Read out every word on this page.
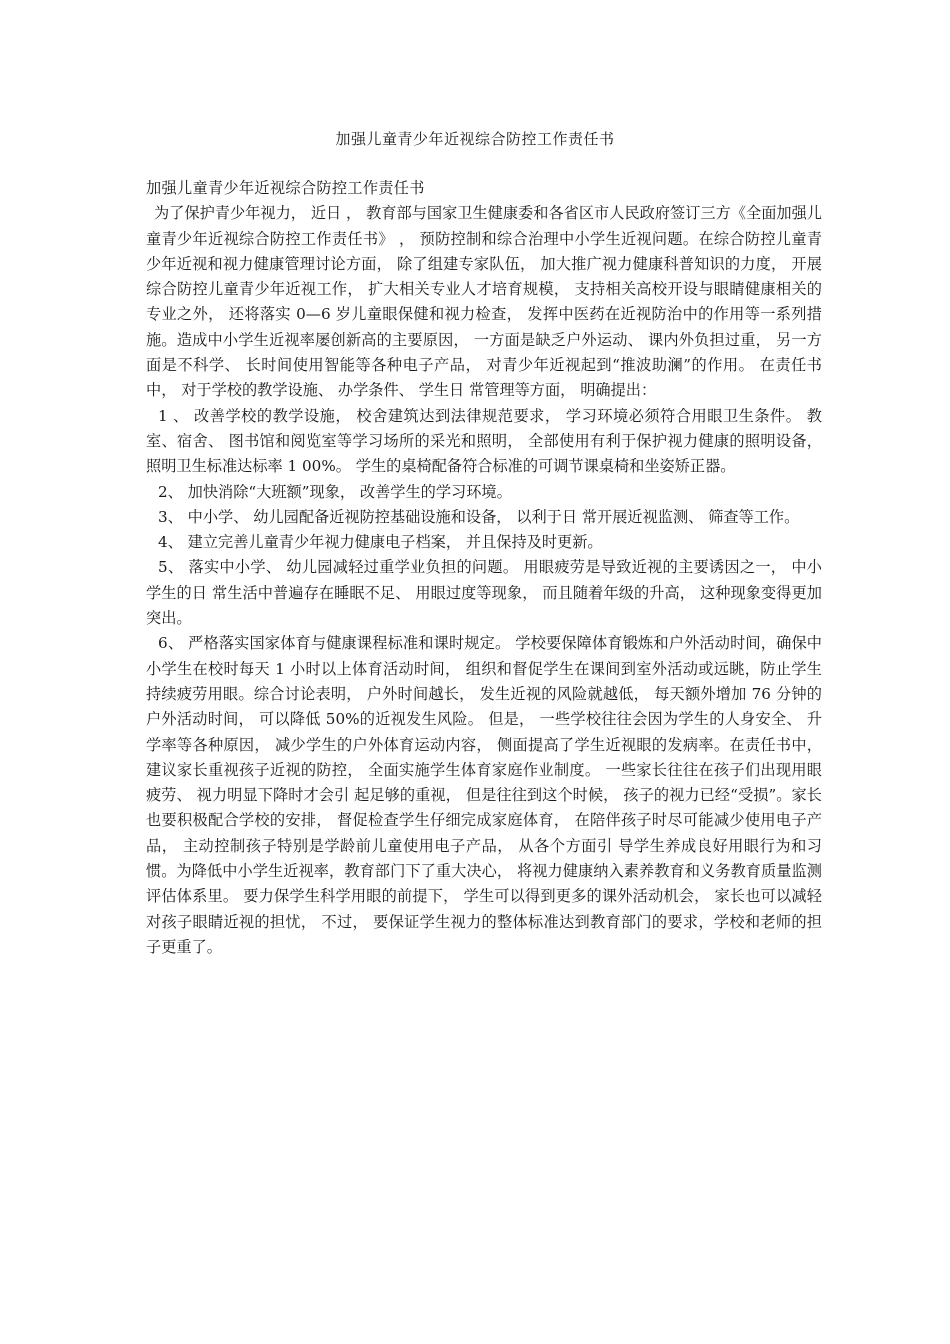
加强儿童青少年近视综合防控工作责任书

加强儿童青少年近视综合防控工作责任书

为了保护青少年视力， 近日 ， 教育部与国家卫生健康委和各省区市人民政府签订三方《全面加强儿童青少年近视综合防控工作责任书》 ， 预防控制和综合治理中小学生近视问题。在综合防控儿童青少年近视和视力健康管理讨论方面， 除了组建专家队伍， 加大推广视力健康科普知识的力度， 开展综合防控儿童青少年近视工作， 扩大相关专业人才培育规模， 支持相关高校开设与眼睛健康相关的专业之外， 还将落实 0—6 岁儿童眼保健和视力检查， 发挥中医药在近视防治中的作用等一系列措施。造成中小学生近视率屡创新高的主要原因， 一方面是缺乏户外运动、 课内外负担过重， 另一方面是不科学、 长时间使用智能等各种电子产品， 对青少年近视起到“推波助澜”的作用。 在责任书中， 对于学校的教学设施、 办学条件、 学生日 常管理等方面， 明确提出：

1 、 改善学校的教学设施， 校舍建筑达到法律规范要求， 学习环境必须符合用眼卫生条件。 教室、宿舍、 图书馆和阅览室等学习场所的采光和照明， 全部使用有利于保护视力健康的照明设备，照明卫生标准达标率 1 00%。 学生的桌椅配备符合标准的可调节课桌椅和坐姿矫正器。

2、 加快消除“大班额”现象， 改善学生的学习环境。

3、 中小学、 幼儿园配备近视防控基础设施和设备， 以利于日 常开展近视监测、 筛查等工作。

4、 建立完善儿童青少年视力健康电子档案， 并且保持及时更新。

5、 落实中小学、 幼儿园减轻过重学业负担的问题。 用眼疲劳是导致近视的主要诱因之一， 中小学生的日 常生活中普遍存在睡眠不足、 用眼过度等现象， 而且随着年级的升高， 这种现象变得更加突出。

6、 严格落实国家体育与健康课程标准和课时规定。 学校要保障体育锻炼和户外活动时间，确保中小学生在校时每天 1 小时以上体育活动时间， 组织和督促学生在课间到室外活动或远眺，防止学生持续疲劳用眼。综合讨论表明， 户外时间越长， 发生近视的风险就越低， 每天额外增加 76 分钟的户外活动时间， 可以降低 50%的近视发生风险。 但是， 一些学校往往会因为学生的人身安全、 升学率等各种原因， 减少学生的户外体育运动内容， 侧面提高了学生近视眼的发病率。在责任书中， 建议家长重视孩子近视的防控， 全面实施学生体育家庭作业制度。 一些家长往往在孩子们出现用眼疲劳、 视力明显下降时才会引 起足够的重视， 但是往往到这个时候， 孩子的视力已经“受损”。家长也要积极配合学校的安排， 督促检查学生仔细完成家庭体育， 在陪伴孩子时尽可能减少使用电子产品， 主动控制孩子特别是学龄前儿童使用电子产品， 从各个方面引 导学生养成良好用眼行为和习惯。为降低中小学生近视率，教育部门下了重大决心， 将视力健康纳入素养教育和义务教育质量监测评估体系里。 要力保学生科学用眼的前提下， 学生可以得到更多的课外活动机会， 家长也可以减轻对孩子眼睛近视的担忧， 不过， 要保证学生视力的整体标准达到教育部门的要求，学校和老师的担子更重了。
